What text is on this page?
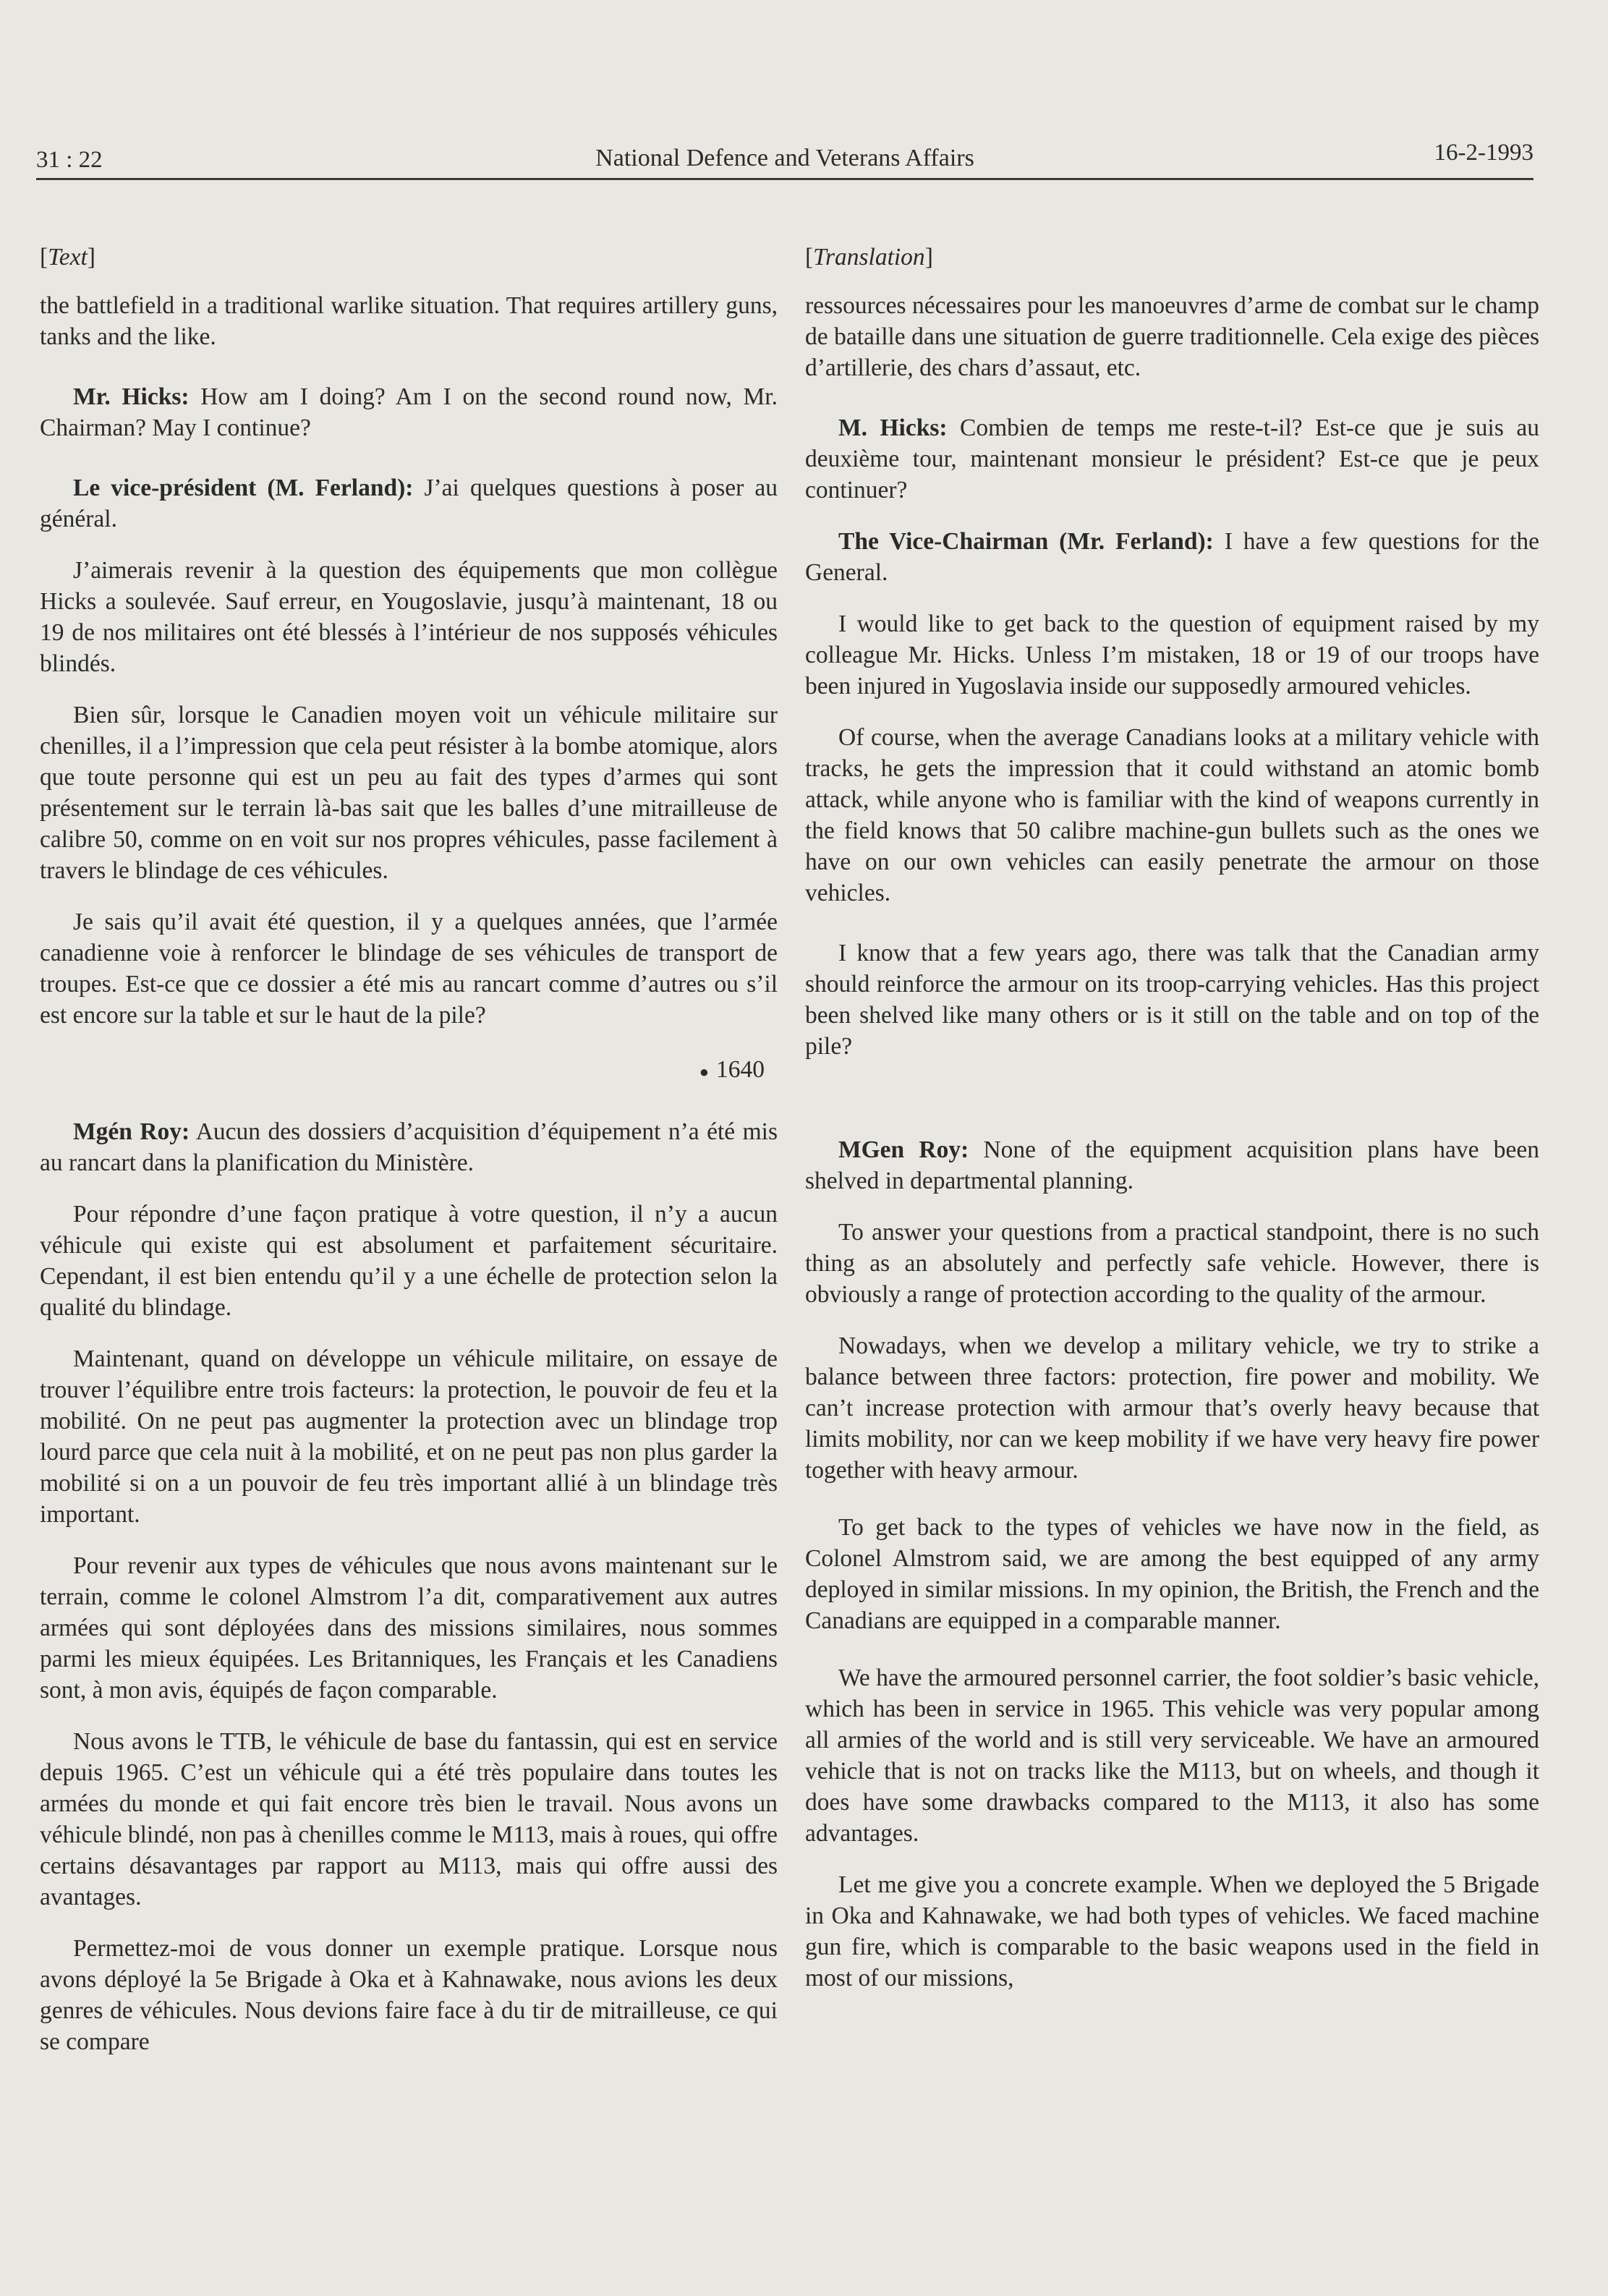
31 : 22	National Defence and Veterans Affairs	16-2-1993
[Text]

the battlefield in a traditional warlike situation. That requires artillery guns, tanks and the like.

Mr. Hicks: How am I doing? Am I on the second round now, Mr. Chairman? May I continue?

Le vice-président (M. Ferland): J’ai quelques questions à poser au général.

J’aimerais revenir à la question des équipements que mon collègue Hicks a soulevée. Sauf erreur, en Yougoslavie, jusqu’à maintenant, 18 ou 19 de nos militaires ont été blessés à l’intérieur de nos supposés véhicules blindés.

Bien sûr, lorsque le Canadien moyen voit un véhicule militaire sur chenilles, il a l’impression que cela peut résister à la bombe atomique, alors que toute personne qui est un peu au fait des types d’armes qui sont présentement sur le terrain là-bas sait que les balles d’une mitrailleuse de calibre 50, comme on en voit sur nos propres véhicules, passe facilement à travers le blindage de ces véhicules.

Je sais qu’il avait été question, il y a quelques années, que l’armée canadienne voie à renforcer le blindage de ses véhicules de transport de troupes. Est-ce que ce dossier a été mis au rancart comme d’autres ou s’il est encore sur la table et sur le haut de la pile?

● 1640

Mgén Roy: Aucun des dossiers d’acquisition d’équipement n’a été mis au rancart dans la planification du Ministère.

Pour répondre d’une façon pratique à votre question, il n’y a aucun véhicule qui existe qui est absolument et parfaitement sécuritaire. Cependant, il est bien entendu qu’il y a une échelle de protection selon la qualité du blindage.

Maintenant, quand on développe un véhicule militaire, on essaye de trouver l’équilibre entre trois facteurs: la protection, le pouvoir de feu et la mobilité. On ne peut pas augmenter la protection avec un blindage trop lourd parce que cela nuit à la mobilité, et on ne peut pas non plus garder la mobilité si on a un pouvoir de feu très important allié à un blindage très important.

Pour revenir aux types de véhicules que nous avons maintenant sur le terrain, comme le colonel Almstrom l’a dit, comparativement aux autres armées qui sont déployées dans des missions similaires, nous sommes parmi les mieux équipées. Les Britanniques, les Français et les Canadiens sont, à mon avis, équipés de façon comparable.

Nous avons le TTB, le véhicule de base du fantassin, qui est en service depuis 1965. C’est un véhicule qui a été très populaire dans toutes les armées du monde et qui fait encore très bien le travail. Nous avons un véhicule blindé, non pas à chenilles comme le M113, mais à roues, qui offre certains désavantages par rapport au M113, mais qui offre aussi des avantages.

Permettez-moi de vous donner un exemple pratique. Lorsque nous avons déployé la 5e Brigade à Oka et à Kahnawake, nous avions les deux genres de véhicules. Nous devions faire face à du tir de mitrailleuse, ce qui se compare

[Translation]

ressources nécessaires pour les manoeuvres d’arme de combat sur le champ de bataille dans une situation de guerre traditionnelle. Cela exige des pièces d’artillerie, des chars d’assaut, etc.

M. Hicks: Combien de temps me reste-t-il? Est-ce que je suis au deuxième tour, maintenant monsieur le président? Est-ce que je peux continuer?

The Vice-Chairman (Mr. Ferland): I have a few questions for the General.

I would like to get back to the question of equipment raised by my colleague Mr. Hicks. Unless I’m mistaken, 18 or 19 of our troops have been injured in Yugoslavia inside our supposedly armoured vehicles.

Of course, when the average Canadians looks at a military vehicle with tracks, he gets the impression that it could withstand an atomic bomb attack, while anyone who is familiar with the kind of weapons currently in the field knows that 50 calibre machine-gun bullets such as the ones we have on our own vehicles can easily penetrate the armour on those vehicles.

I know that a few years ago, there was talk that the Canadian army should reinforce the armour on its troop-carrying vehicles. Has this project been shelved like many others or is it still on the table and on top of the pile?

MGen Roy: None of the equipment acquisition plans have been shelved in departmental planning.

To answer your questions from a practical standpoint, there is no such thing as an absolutely and perfectly safe vehicle. However, there is obviously a range of protection according to the quality of the armour.

Nowadays, when we develop a military vehicle, we try to strike a balance between three factors: protection, fire power and mobility. We can’t increase protection with armour that’s overly heavy because that limits mobility, nor can we keep mobility if we have very heavy fire power together with heavy armour.

To get back to the types of vehicles we have now in the field, as Colonel Almstrom said, we are among the best equipped of any army deployed in similar missions. In my opinion, the British, the French and the Canadians are equipped in a comparable manner.

We have the armoured personnel carrier, the foot soldier’s basic vehicle, which has been in service in 1965. This vehicle was very popular among all armies of the world and is still very serviceable. We have an armoured vehicle that is not on tracks like the M113, but on wheels, and though it does have some drawbacks compared to the M113, it also has some advantages.

Let me give you a concrete example. When we deployed the 5 Brigade in Oka and Kahnawake, we had both types of vehicles. We faced machine gun fire, which is comparable to the basic weapons used in the field in most of our missions,
